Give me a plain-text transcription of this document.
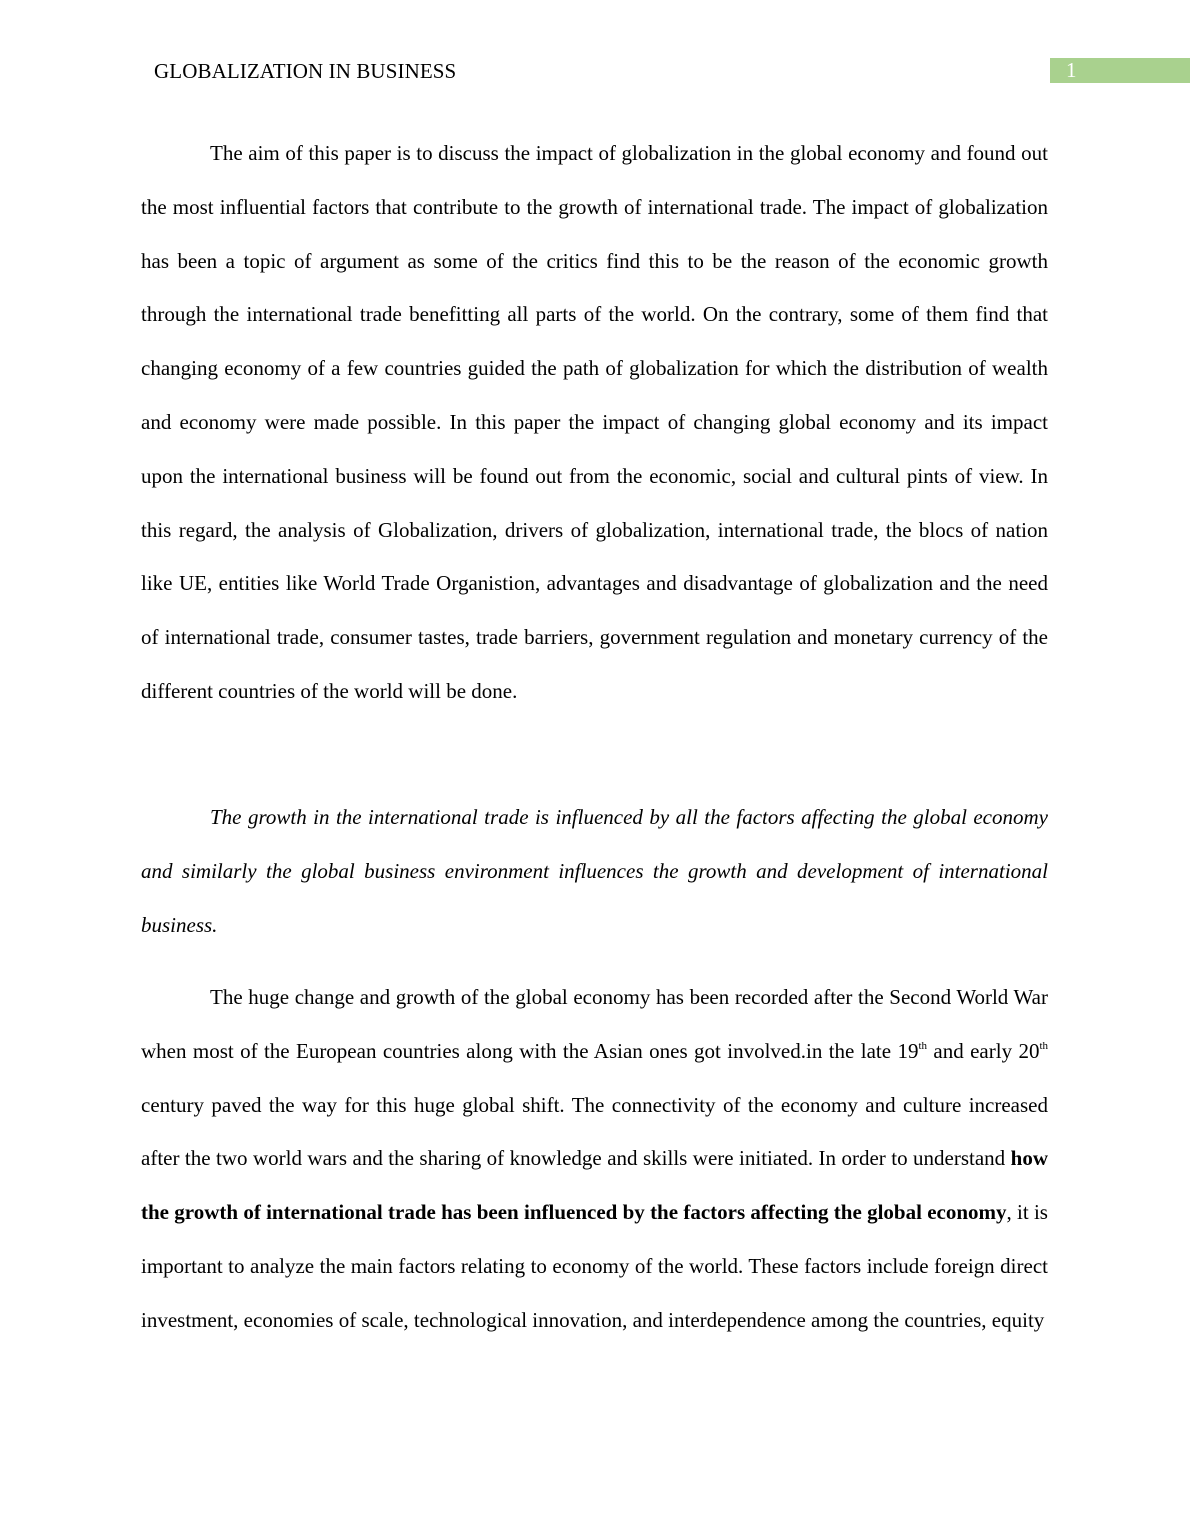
GLOBALIZATION IN BUSINESS	1

The aim of this paper is to discuss the impact of globalization in the global economy and found out the most influential factors that contribute to the growth of international trade. The impact of globalization has been a topic of argument as some of the critics find this to be the reason of the economic growth through the international trade benefitting all parts of the world. On the contrary, some of them find that changing economy of a few countries guided the path of globalization for which the distribution of wealth and economy were made possible. In this paper the impact of changing global economy and its impact upon the international business will be found out from the economic, social and cultural pints of view. In this regard, the analysis of Globalization, drivers of globalization, international trade, the blocs of nation like UE, entities like World Trade Organistion, advantages and disadvantage of globalization and the need of international trade, consumer tastes, trade barriers, government regulation and monetary currency of the different countries of the world will be done.

The growth in the international trade is influenced by all the factors affecting the global economy and similarly the global business environment influences the growth and development of international business.

The huge change and growth of the global economy has been recorded after the Second World War when most of the European countries along with the Asian ones got involved.in the late 19th and early 20th century paved the way for this huge global shift. The connectivity of the economy and culture increased after the two world wars and the sharing of knowledge and skills were initiated. In order to understand how the growth of international trade has been influenced by the factors affecting the global economy, it is important to analyze the main factors relating to economy of the world. These factors include foreign direct investment, economies of scale, technological innovation, and interdependence among the countries, equity
